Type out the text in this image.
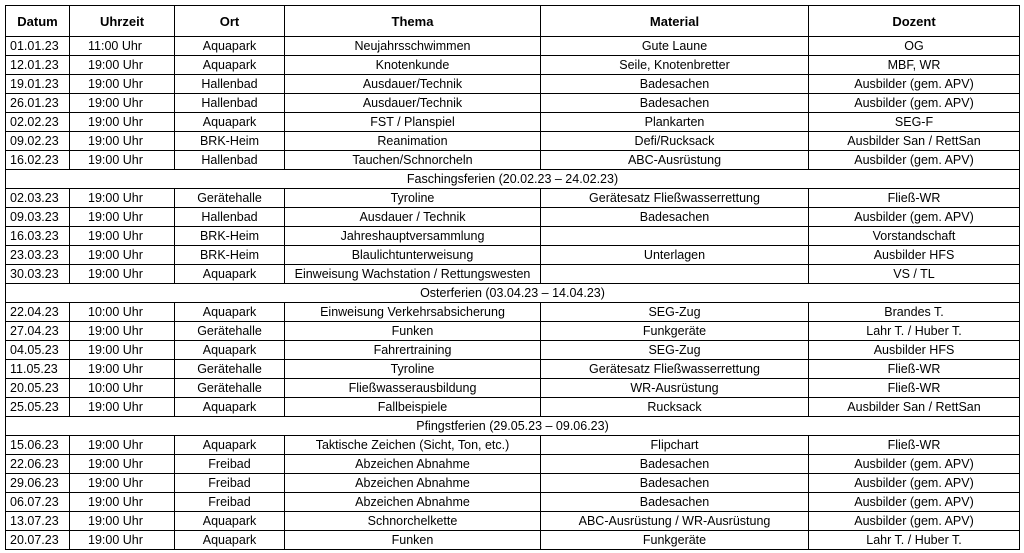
Datum	Uhrzeit	Ort	Thema	Material	Dozent
01.01.23	11:00 Uhr	Aquapark	Neujahrsschwimmen	Gute Laune	OG
12.01.23	19:00 Uhr	Aquapark	Knotenkunde	Seile, Knotenbretter	MBF, WR
19.01.23	19:00 Uhr	Hallenbad	Ausdauer/Technik	Badesachen	Ausbilder (gem. APV)
26.01.23	19:00 Uhr	Hallenbad	Ausdauer/Technik	Badesachen	Ausbilder (gem. APV)
02.02.23	19:00 Uhr	Aquapark	FST / Planspiel	Plankarten	SEG-F
09.02.23	19:00 Uhr	BRK-Heim	Reanimation	Defi/Rucksack	Ausbilder San / RettSan
16.02.23	19:00 Uhr	Hallenbad	Tauchen/Schnorcheln	ABC-Ausrüstung	Ausbilder (gem. APV)
Faschingsferien (20.02.23 – 24.02.23)					
02.03.23	19:00 Uhr	Gerätehalle	Tyroline	Gerätesatz Fließwasserrettung	Fließ-WR
09.03.23	19:00 Uhr	Hallenbad	Ausdauer / Technik	Badesachen	Ausbilder (gem. APV)
16.03.23	19:00 Uhr	BRK-Heim	Jahreshauptversammlung		Vorstandschaft
23.03.23	19:00 Uhr	BRK-Heim	Blaulichtunterweisung	Unterlagen	Ausbilder HFS
30.03.23	19:00 Uhr	Aquapark	Einweisung Wachstation / Rettungswesten		VS / TL
Osterferien (03.04.23 – 14.04.23)					
22.04.23	10:00 Uhr	Aquapark	Einweisung Verkehrsabsicherung	SEG-Zug	Brandes T.
27.04.23	19:00 Uhr	Gerätehalle	Funken	Funkgeräte	Lahr T. / Huber T.
04.05.23	19:00 Uhr	Aquapark	Fahrertraining	SEG-Zug	Ausbilder HFS
11.05.23	19:00 Uhr	Gerätehalle	Tyroline	Gerätesatz Fließwasserrettung	Fließ-WR
20.05.23	10:00 Uhr	Gerätehalle	Fließwasserausbildung	WR-Ausrüstung	Fließ-WR
25.05.23	19:00 Uhr	Aquapark	Fallbeispiele	Rucksack	Ausbilder San / RettSan
Pfingstferien (29.05.23 – 09.06.23)					
15.06.23	19:00 Uhr	Aquapark	Taktische Zeichen (Sicht, Ton, etc.)	Flipchart	Fließ-WR
22.06.23	19:00 Uhr	Freibad	Abzeichen Abnahme	Badesachen	Ausbilder (gem. APV)
29.06.23	19:00 Uhr	Freibad	Abzeichen Abnahme	Badesachen	Ausbilder (gem. APV)
06.07.23	19:00 Uhr	Freibad	Abzeichen Abnahme	Badesachen	Ausbilder (gem. APV)
13.07.23	19:00 Uhr	Aquapark	Schnorchelkette	ABC-Ausrüstung / WR-Ausrüstung	Ausbilder (gem. APV)
20.07.23	19:00 Uhr	Aquapark	Funken	Funkgeräte	Lahr T. / Huber T.
